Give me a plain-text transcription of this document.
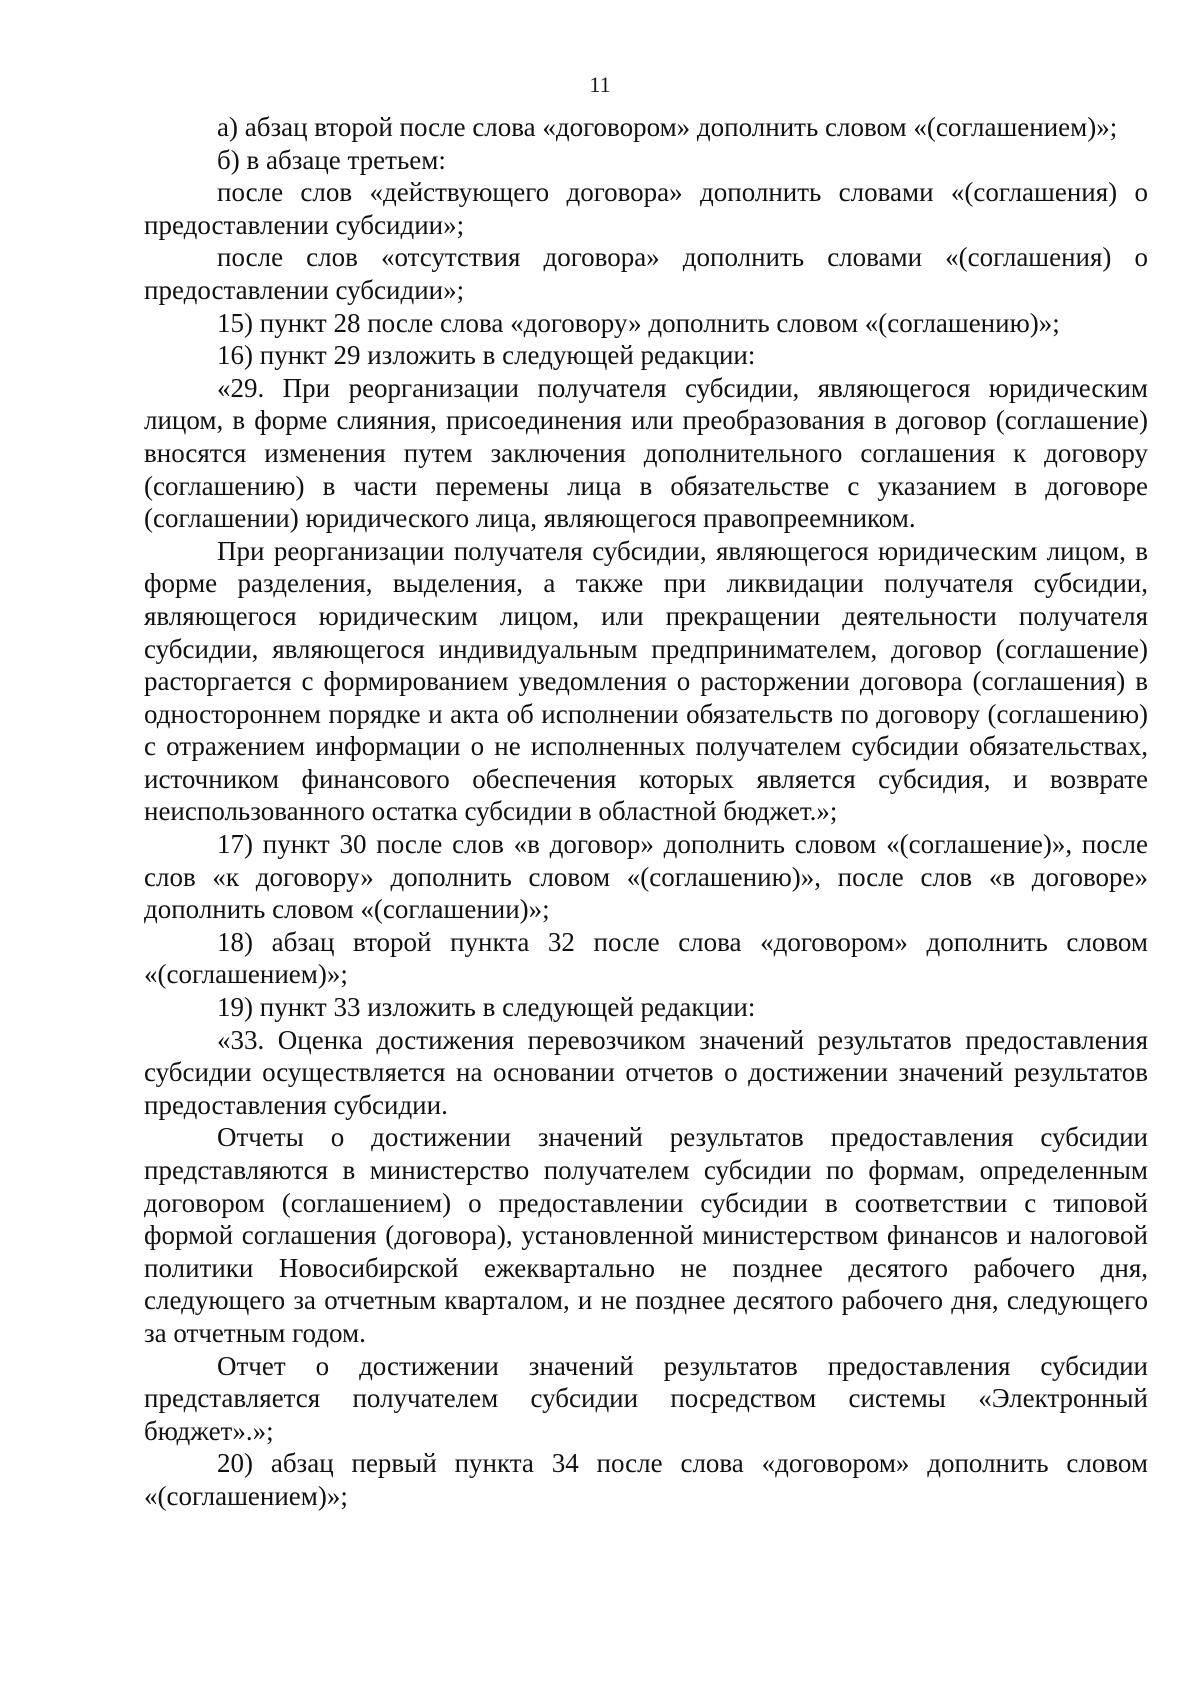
11

а) абзац второй после слова «договором» дополнить словом «(соглашением)»;

б) в абзаце третьем:

после слов «действующего договора» дополнить словами «(соглашения) о предоставлении субсидии»;

после слов «отсутствия договора» дополнить словами «(соглашения) о предоставлении субсидии»;

15) пункт 28 после слова «договору» дополнить словом «(соглашению)»;

16) пункт 29 изложить в следующей редакции:

«29. При реорганизации получателя субсидии, являющегося юридическим лицом, в форме слияния, присоединения или преобразования в договор (соглашение) вносятся изменения путем заключения дополнительного соглашения к договору (соглашению) в части перемены лица в обязательстве с указанием в договоре (соглашении) юридического лица, являющегося правопреемником.

При реорганизации получателя субсидии, являющегося юридическим лицом, в форме разделения, выделения, а также при ликвидации получателя субсидии, являющегося юридическим лицом, или прекращении деятельности получателя субсидии, являющегося индивидуальным предпринимателем, договор (соглашение) расторгается с формированием уведомления о расторжении договора (соглашения) в одностороннем порядке и акта об исполнении обязательств по договору (соглашению) с отражением информации о не исполненных получателем субсидии обязательствах, источником финансового обеспечения которых является субсидия, и возврате неиспользованного остатка субсидии в областной бюджет.»;

17) пункт 30 после слов «в договор» дополнить словом «(соглашение)», после слов «к договору» дополнить словом «(соглашению)», после слов «в договоре» дополнить словом «(соглашении)»;

18) абзац второй пункта 32 после слова «договором» дополнить словом «(соглашением)»;

19) пункт 33 изложить в следующей редакции:

«33. Оценка достижения перевозчиком значений результатов предоставления субсидии осуществляется на основании отчетов о достижении значений результатов предоставления субсидии.

Отчеты о достижении значений результатов предоставления субсидии представляются в министерство получателем субсидии по формам, определенным договором (соглашением) о предоставлении субсидии в соответствии с типовой формой соглашения (договора), установленной министерством финансов и налоговой политики Новосибирской ежеквартально не позднее десятого рабочего дня, следующего за отчетным кварталом, и не позднее десятого рабочего дня, следующего за отчетным годом.

Отчет о достижении значений результатов предоставления субсидии представляется получателем субсидии посредством системы «Электронный бюджет».»;

20) абзац первый пункта 34 после слова «договором» дополнить словом «(соглашением)»;
